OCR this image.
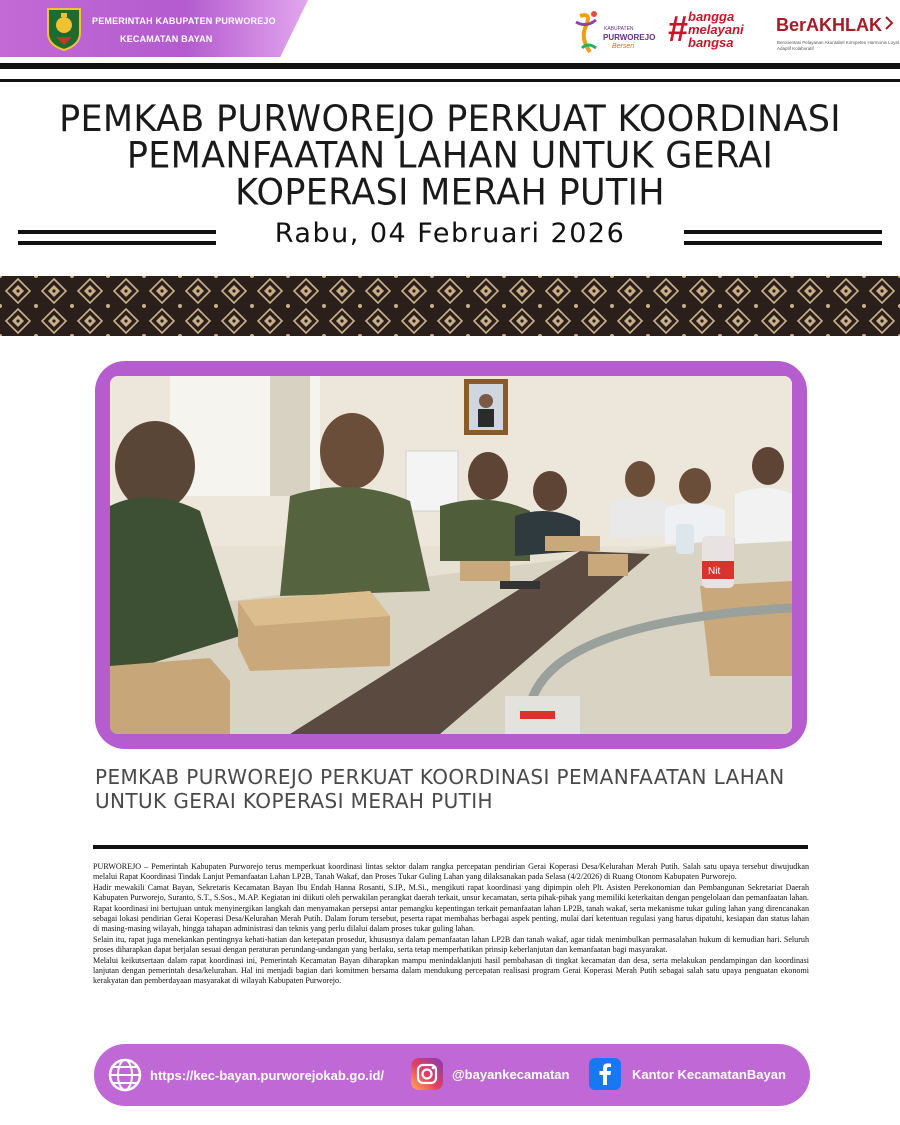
PEMERINTAH KABUPATEN PURWOREJO
KECAMATAN BAYAN
KABUPATEN
PURWOREJO
Berseri # bangga
melayani
bangsa
BerAKHLAK
Berorientasi Pelayanan Akuntabel Kompeten Harmonis Loyal Adaptif Kolaboratif
PEMKAB PURWOREJO PERKUAT KOORDINASI
PEMANFAATAN LAHAN UNTUK GERAI
KOPERASI MERAH PUTIH
Rabu, 04 Februari 2026
Nit
PEMKAB PURWOREJO PERKUAT KOORDINASI PEMANFAATAN LAHAN UNTUK GERAI KOPERASI MERAH PUTIH

PURWOREJO – Pemerintah Kabupaten Purworejo terus memperkuat koordinasi lintas sektor dalam rangka percepatan pendirian Gerai Koperasi Desa/Kelurahan Merah Putih. Salah satu upaya tersebut diwujudkan melalui Rapat Koordinasi Tindak Lanjut Pemanfaatan Lahan LP2B, Tanah Wakaf, dan Proses Tukar Guling Lahan yang dilaksanakan pada Selasa (4/2/2026) di Ruang Otonom Kabupaten Purworejo.

Hadir mewakili Camat Bayan, Sekretaris Kecamatan Bayan Ibu Endah Hanna Rosanti, S.IP., M.Si., mengikuti rapat koordinasi yang dipimpin oleh Plt. Asisten Perekonomian dan Pembangunan Sekretariat Daerah Kabupaten Purworejo, Suranto, S.T., S.Sos., M.AP. Kegiatan ini diikuti oleh perwakilan perangkat daerah terkait, unsur kecamatan, serta pihak-pihak yang memiliki keterkaitan dengan pengelolaan dan pemanfaatan lahan.

Rapat koordinasi ini bertujuan untuk menyinergikan langkah dan menyamakan persepsi antar pemangku kepentingan terkait pemanfaatan lahan LP2B, tanah wakaf, serta mekanisme tukar guling lahan yang direncanakan sebagai lokasi pendirian Gerai Koperasi Desa/Kelurahan Merah Putih. Dalam forum tersebut, peserta rapat membahas berbagai aspek penting, mulai dari ketentuan regulasi yang harus dipatuhi, kesiapan dan status lahan di masing-masing wilayah, hingga tahapan administrasi dan teknis yang perlu dilalui dalam proses tukar guling lahan.

Selain itu, rapat juga menekankan pentingnya kehati-hatian dan ketepatan prosedur, khususnya dalam pemanfaatan lahan LP2B dan tanah wakaf, agar tidak menimbulkan permasalahan hukum di kemudian hari. Seluruh proses diharapkan dapat berjalan sesuai dengan peraturan perundang-undangan yang berlaku, serta tetap memperhatikan prinsip keberlanjutan dan kemanfaatan bagi masyarakat.

Melalui keikutsertaan dalam rapat koordinasi ini, Pemerintah Kecamatan Bayan diharapkan mampu menindaklanjuti hasil pembahasan di tingkat kecamatan dan desa, serta melakukan pendampingan dan koordinasi lanjutan dengan pemerintah desa/kelurahan. Hal ini menjadi bagian dari komitmen bersama dalam mendukung percepatan realisasi program Gerai Koperasi Merah Putih sebagai salah satu upaya penguatan ekonomi kerakyatan dan pemberdayaan masyarakat di wilayah Kabupaten Purworejo.

https://kec-bayan.purworejokab.go.id/	@bayankecamatan	Kantor KecamatanBayan
